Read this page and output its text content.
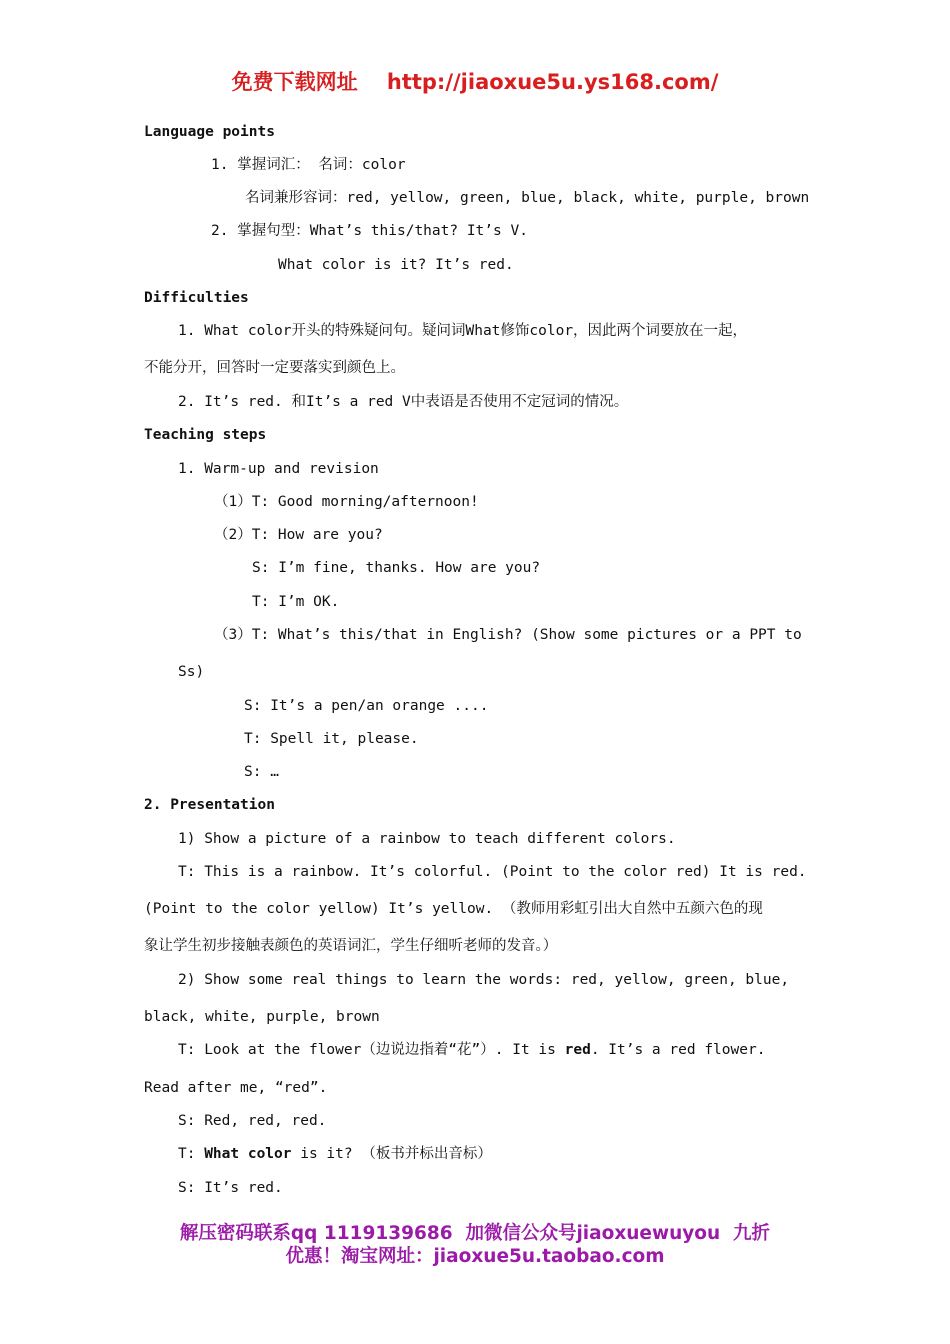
免费下载网址 http://jiaoxue5u.ys168.com/
Language points
1. 掌握词汇： 名词：color
名词兼形容词：red, yellow, green, blue, black, white, purple, brown
2. 掌握句型：What’s this/that? It’s V.
What color is it? It’s red.
Difficulties
1. What color开头的特殊疑问句。疑问词What修饰color，因此两个词要放在一起，
不能分开，回答时一定要落实到颜色上。
2. It’s red. 和It’s a red V中表语是否使用不定冠词的情况。
Teaching steps
1. Warm-up and revision
（1）T: Good morning/afternoon!
（2）T: How are you?
S: I’m fine, thanks. How are you?
T: I’m OK.
（3）T: What’s this/that in English? (Show some pictures or a PPT to
Ss)
S: It’s a pen/an orange ....
T: Spell it, please.
S: …
2. Presentation
1) Show a picture of a rainbow to teach different colors.
T: This is a rainbow. It’s colorful. (Point to the color red) It is red.
(Point to the color yellow) It’s yellow. （教师用彩虹引出大自然中五颜六色的现
象让学生初步接触表颜色的英语词汇，学生仔细听老师的发音。）
2) Show some real things to learn the words: red, yellow, green, blue,
black, white, purple, brown
T: Look at the flower（边说边指着“花”）. It is red. It’s a red flower.
Read after me, “red”.
S: Red, red, red.
T: What color is it? （板书并标出音标）
S: It’s red.
解压密码联系qq 1119139686  加微信公众号jiaoxuewuyou  九折
优惠！淘宝网址：jiaoxue5u.taobao.com
